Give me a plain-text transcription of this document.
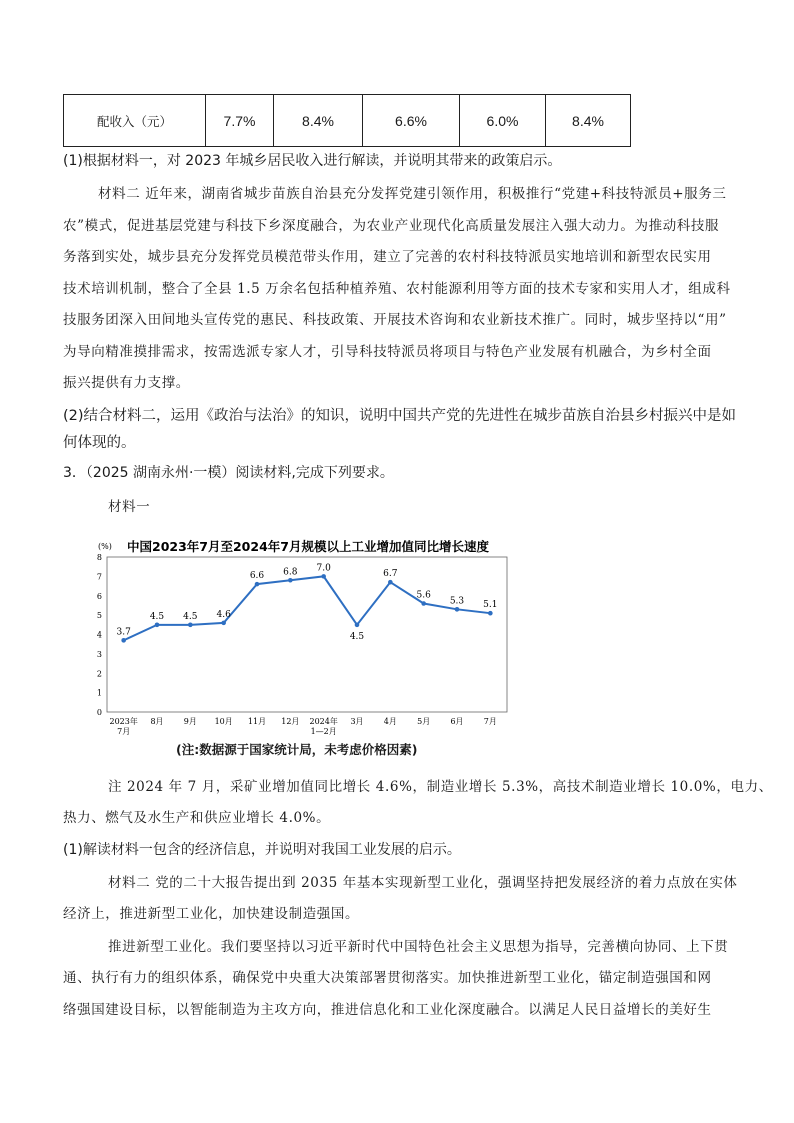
配收入（元）	7.7%	8.4%	6.6%	6.0%	8.4%
(1)根据材料一，对 2023 年城乡居民收入进行解读，并说明其带来的政策启示。
材料二 近年来，湖南省城步苗族自治县充分发挥党建引领作用，积极推行“党建+科技特派员+服务三
农”模式，促进基层党建与科技下乡深度融合，为农业产业现代化高质量发展注入强大动力。为推动科技服
务落到实处，城步县充分发挥党员模范带头作用，建立了完善的农村科技特派员实地培训和新型农民实用
技术培训机制，整合了全县 1.5 万余名包括种植养殖、农村能源利用等方面的技术专家和实用人才，组成科
技服务团深入田间地头宣传党的惠民、科技政策、开展技术咨询和农业新技术推广。同时，城步坚持以“用”
为导向精准摸排需求，按需选派专家人才，引导科技特派员将项目与特色产业发展有机融合，为乡村全面
振兴提供有力支撑。
(2)结合材料二，运用《政治与法治》的知识，说明中国共产党的先进性在城步苗族自治县乡村振兴中是如
何体现的。
3．（2025 湖南永州·一模）阅读材料,完成下列要求。
材料一
(%) 中国2023年7月至2024年7月规模以上工业增加值同比增长速度
0
1
2
3
4
5
6
7
8
2023年
7月
8月	9月 10月 11月 12月 2024年
1—2月
3月	4月	5月	6月	7月
3.7
4.5 4.5 4.6
6.6 6.8 7.0
4.5
6.7
5.6
5.3 5.1
(注:数据源于国家统计局，未考虑价格因素)
注 2024 年 7 月，采矿业增加值同比增长 4.6%，制造业增长 5.3%，高技术制造业增长 10.0%，电力、
热力、燃气及水生产和供应业增长 4.0%。
(1)解读材料一包含的经济信息，并说明对我国工业发展的启示。
材料二 党的二十大报告提出到 2035 年基本实现新型工业化，强调坚持把发展经济的着力点放在实体
经济上，推进新型工业化，加快建设制造强国。
推进新型工业化。我们要坚持以习近平新时代中国特色社会主义思想为指导，完善横向协同、上下贯
通、执行有力的组织体系，确保党中央重大决策部署贯彻落实。加快推进新型工业化，锚定制造强国和网
络强国建设目标，以智能制造为主攻方向，推进信息化和工业化深度融合。以满足人民日益增长的美好生
